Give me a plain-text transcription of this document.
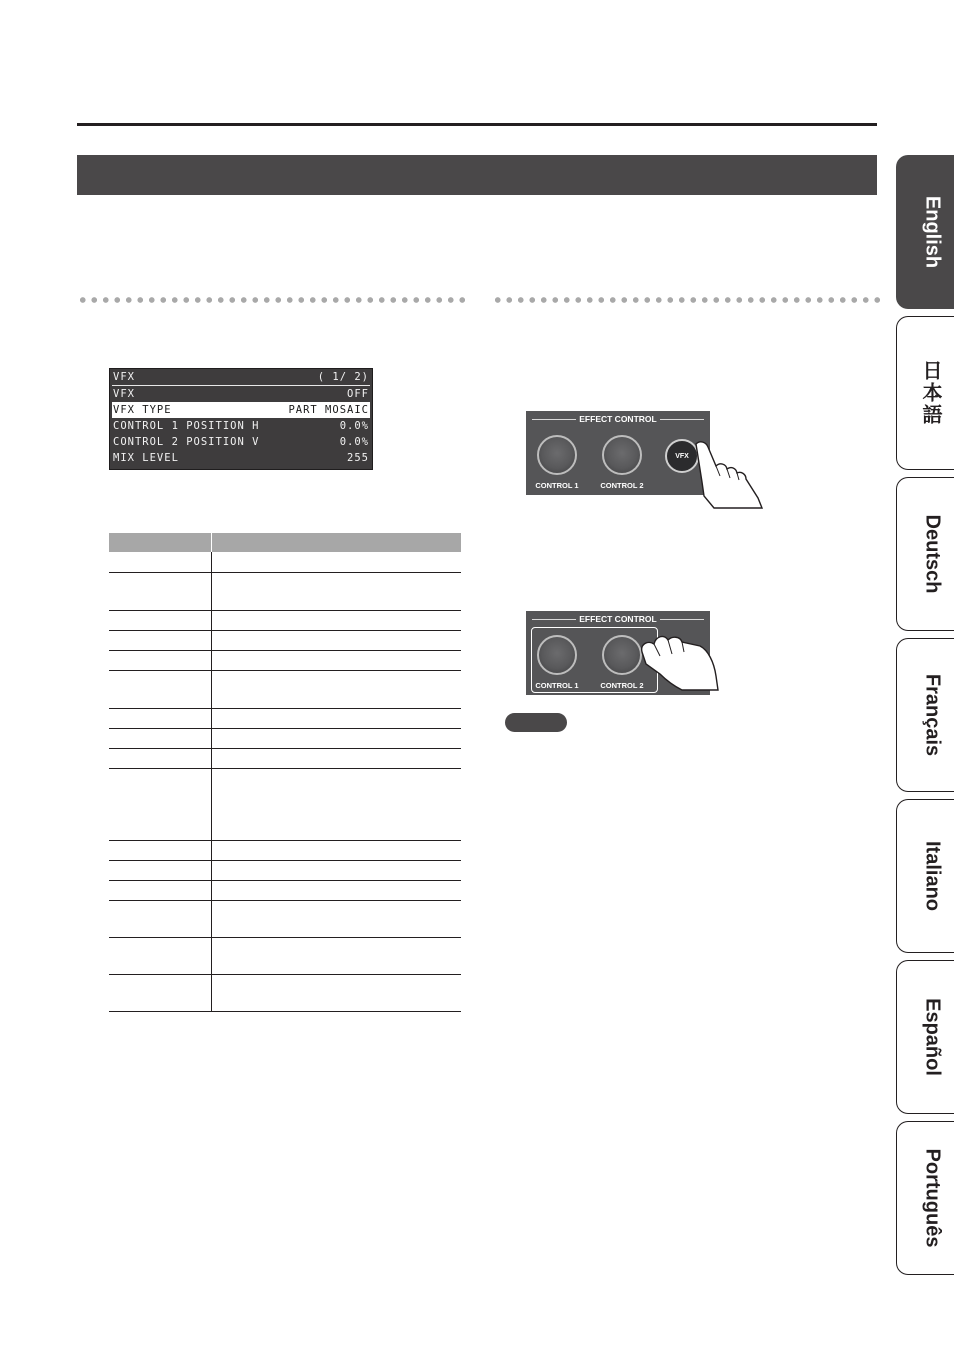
VFX	( 1/ 2)
VFX	OFF
VFX TYPE	PART MOSAIC
CONTROL 1 POSITION H	0.0%
CONTROL 2 POSITION V	0.0%
MIX LEVEL	255
EFFECT CONTROL
CONTROL 1	CONTROL 2
VFX
EFFECT CONTROL
CONTROL 1	CONTROL 2
English
日本語
Deutsch
Français
Italiano
Español
Português
